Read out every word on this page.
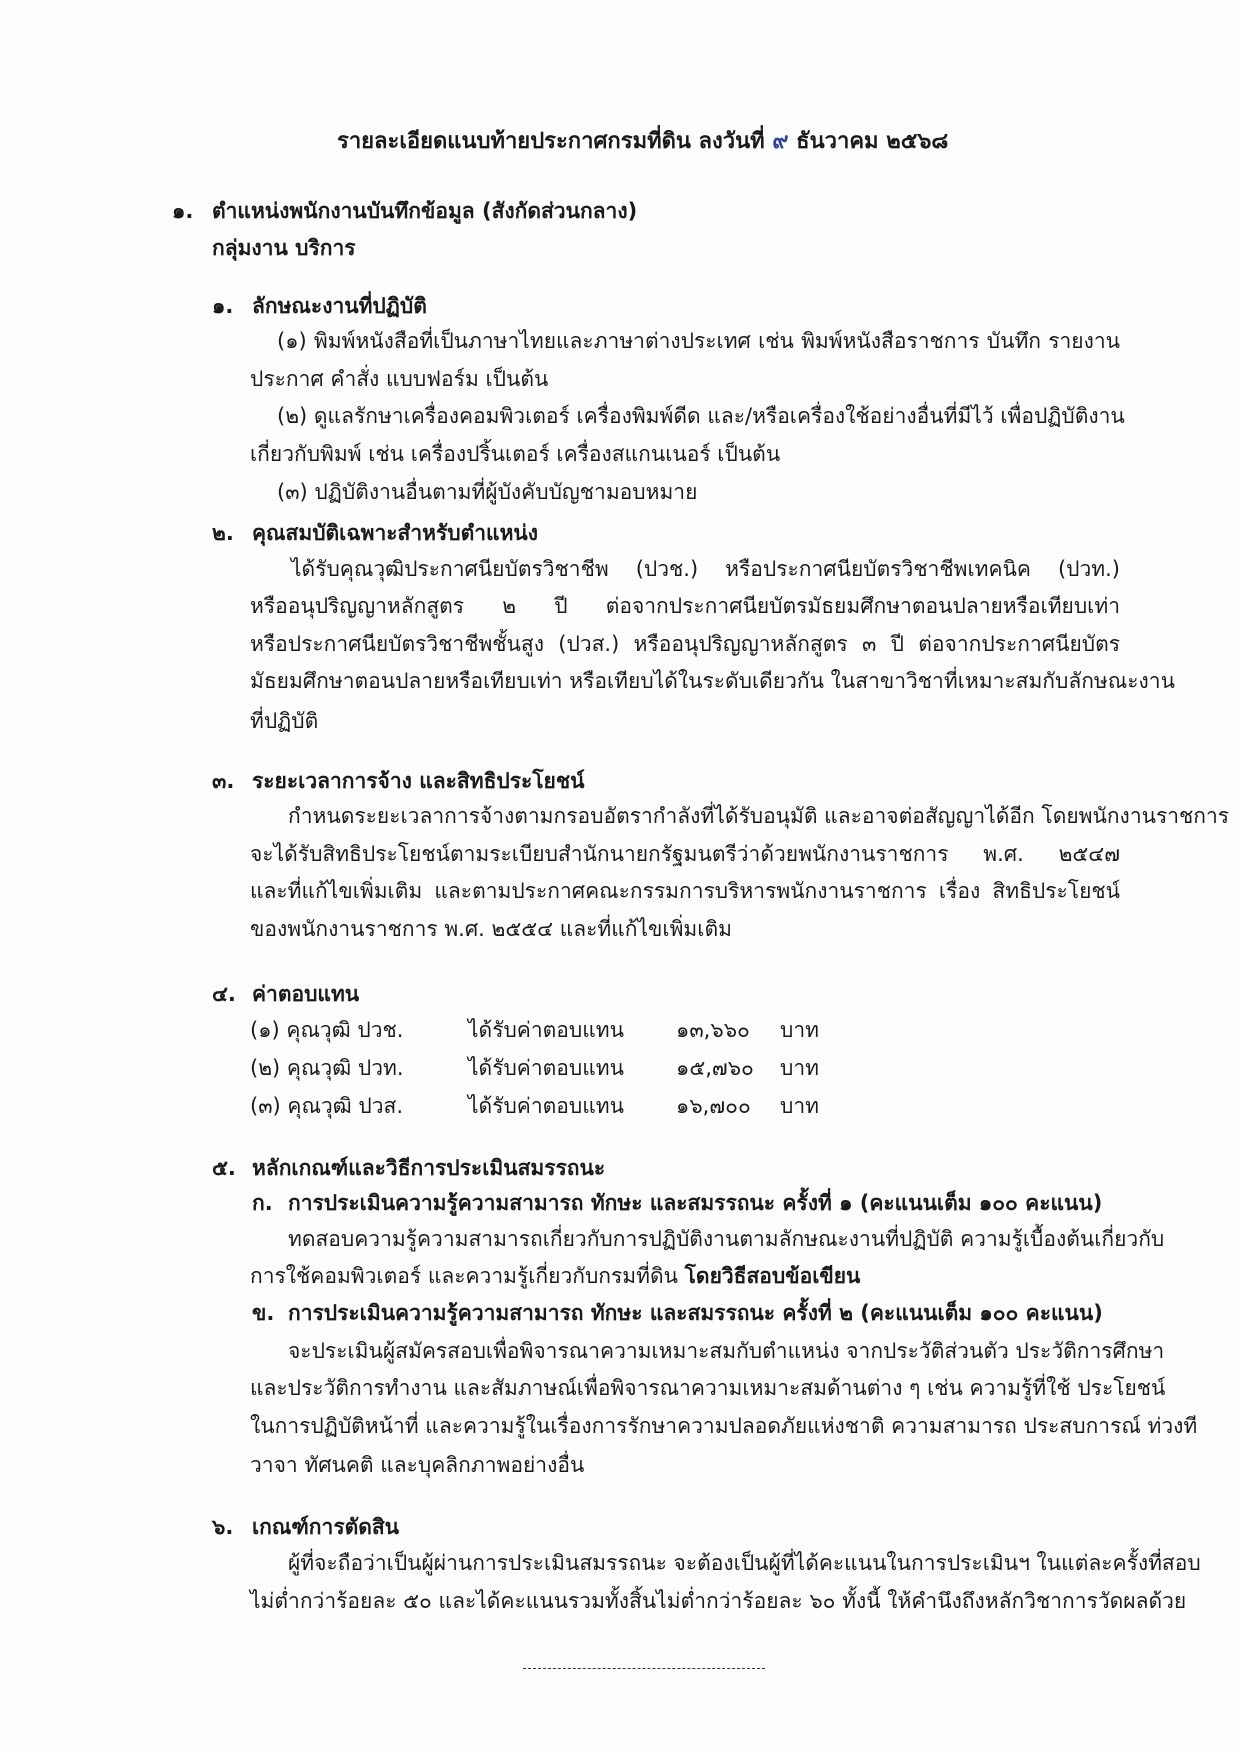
รายละเอียดแนบท้ายประกาศกรมที่ดิน ลงวันที่ ๙ ธันวาคม ๒๕๖๘
๑. ตำแหน่งพนักงานบันทึกข้อมูล (สังกัดส่วนกลาง)
กลุ่มงาน บริการ
๑. ลักษณะงานที่ปฏิบัติ
(๑) พิมพ์หนังสือที่เป็นภาษาไทยและภาษาต่างประเทศ เช่น พิมพ์หนังสือราชการ บันทึก รายงาน
ประกาศ คำสั่ง แบบฟอร์ม เป็นต้น
(๒) ดูแลรักษาเครื่องคอมพิวเตอร์ เครื่องพิมพ์ดีด และ/หรือเครื่องใช้อย่างอื่นที่มีไว้ เพื่อปฏิบัติงาน
เกี่ยวกับพิมพ์ เช่น เครื่องปริ้นเตอร์ เครื่องสแกนเนอร์ เป็นต้น
(๓) ปฏิบัติงานอื่นตามที่ผู้บังคับบัญชามอบหมาย
๒. คุณสมบัติเฉพาะสำหรับตำแหน่ง
ได้รับคุณวุฒิประกาศนียบัตรวิชาชีพ (ปวช.) หรือประกาศนียบัตรวิชาชีพเทคนิค (ปวท.)
หรืออนุปริญญาหลักสูตร ๒ ปี ต่อจากประกาศนียบัตรมัธยมศึกษาตอนปลายหรือเทียบเท่า
หรือประกาศนียบัตรวิชาชีพชั้นสูง (ปวส.) หรืออนุปริญญาหลักสูตร ๓ ปี ต่อจากประกาศนียบัตร
มัธยมศึกษาตอนปลายหรือเทียบเท่า หรือเทียบได้ในระดับเดียวกัน ในสาขาวิชาที่เหมาะสมกับลักษณะงาน
ที่ปฏิบัติ
๓. ระยะเวลาการจ้าง และสิทธิประโยชน์
กำหนดระยะเวลาการจ้างตามกรอบอัตรากำลังที่ได้รับอนุมัติ และอาจต่อสัญญาได้อีก โดยพนักงานราชการ
จะได้รับสิทธิประโยชน์ตามระเบียบสำนักนายกรัฐมนตรีว่าด้วยพนักงานราชการ พ.ศ. ๒๕๔๗
และที่แก้ไขเพิ่มเติม และตามประกาศคณะกรรมการบริหารพนักงานราชการ เรื่อง สิทธิประโยชน์
ของพนักงานราชการ พ.ศ. ๒๕๕๔ และที่แก้ไขเพิ่มเติม
๔. ค่าตอบแทน
(๑) คุณวุฒิ ปวช.	ได้รับค่าตอบแทน ๑๓,๖๖๐ บาท
(๒) คุณวุฒิ ปวท.	ได้รับค่าตอบแทน ๑๕,๗๖๐ บาท
(๓) คุณวุฒิ ปวส.	ได้รับค่าตอบแทน ๑๖,๗๐๐ บาท
๕. หลักเกณฑ์และวิธีการประเมินสมรรถนะ
ก. การประเมินความรู้ความสามารถ ทักษะ และสมรรถนะ ครั้งที่ ๑ (คะแนนเต็ม ๑๐๐ คะแนน)
ทดสอบความรู้ความสามารถเกี่ยวกับการปฏิบัติงานตามลักษณะงานที่ปฏิบัติ ความรู้เบื้องต้นเกี่ยวกับ
การใช้คอมพิวเตอร์ และความรู้เกี่ยวกับกรมที่ดิน โดยวิธีสอบข้อเขียน
ข. การประเมินความรู้ความสามารถ ทักษะ และสมรรถนะ ครั้งที่ ๒ (คะแนนเต็ม ๑๐๐ คะแนน)
จะประเมินผู้สมัครสอบเพื่อพิจารณาความเหมาะสมกับตำแหน่ง จากประวัติส่วนตัว ประวัติการศึกษา
และประวัติการทำงาน และสัมภาษณ์เพื่อพิจารณาความเหมาะสมด้านต่าง ๆ เช่น ความรู้ที่ใช้ ประโยชน์
ในการปฏิบัติหน้าที่ และความรู้ในเรื่องการรักษาความปลอดภัยแห่งชาติ ความสามารถ ประสบการณ์ ท่วงที
วาจา ทัศนคติ และบุคลิกภาพอย่างอื่น
๖. เกณฑ์การตัดสิน
ผู้ที่จะถือว่าเป็นผู้ผ่านการประเมินสมรรถนะ จะต้องเป็นผู้ที่ได้คะแนนในการประเมินฯ ในแต่ละครั้งที่สอบ
ไม่ต่ำกว่าร้อยละ ๕๐ และได้คะแนนรวมทั้งสิ้นไม่ต่ำกว่าร้อยละ ๖๐ ทั้งนี้ ให้คำนึงถึงหลักวิชาการวัดผลด้วย
